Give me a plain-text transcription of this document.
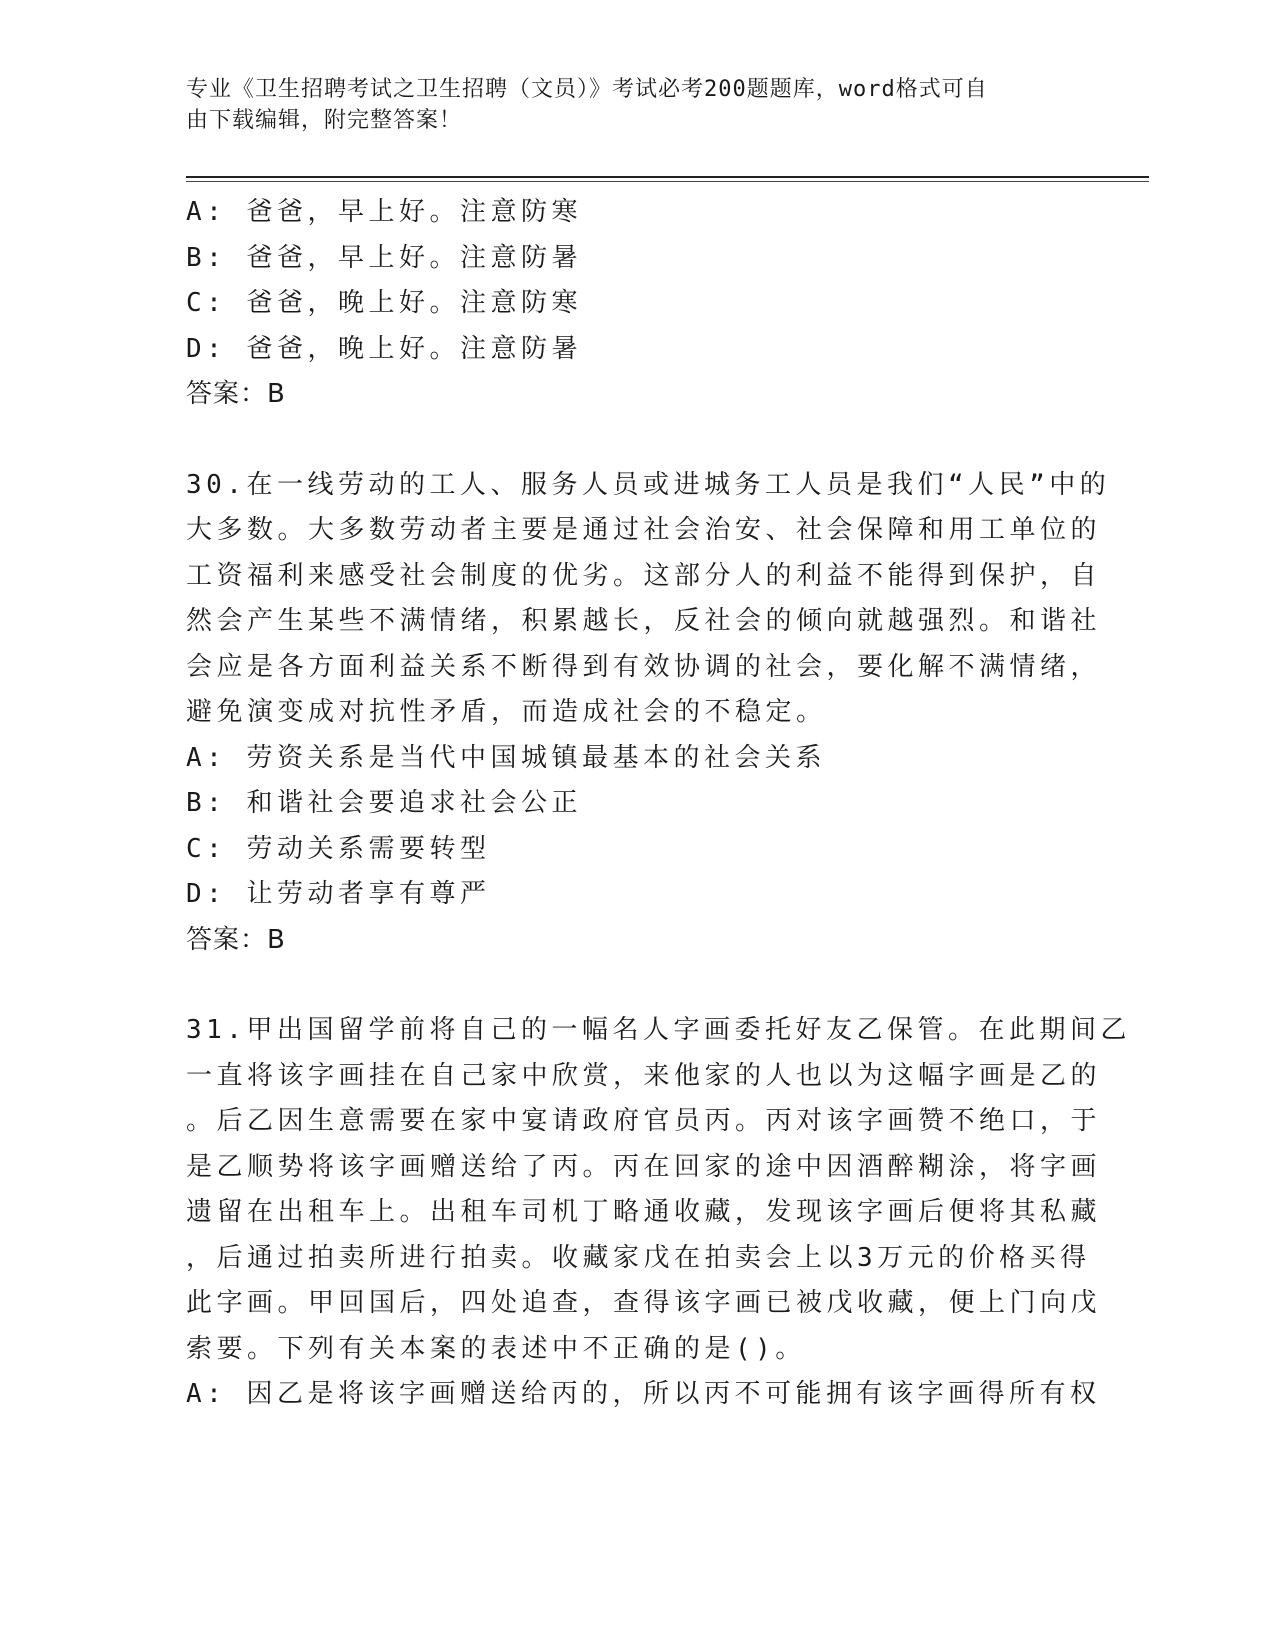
专业《卫生招聘考试之卫生招聘（文员）》考试必考200题题库，word格式可自
由下载编辑，附完整答案！
A: 爸爸，早上好。注意防寒
B: 爸爸，早上好。注意防暑
C: 爸爸，晚上好。注意防寒
D: 爸爸，晚上好。注意防暑
答案：B
30.在一线劳动的工人、服务人员或进城务工人员是我们“人民”中的
大多数。大多数劳动者主要是通过社会治安、社会保障和用工单位的
工资福利来感受社会制度的优劣。这部分人的利益不能得到保护，自
然会产生某些不满情绪，积累越长，反社会的倾向就越强烈。和谐社
会应是各方面利益关系不断得到有效协调的社会，要化解不满情绪，
避免演变成对抗性矛盾，而造成社会的不稳定。
A: 劳资关系是当代中国城镇最基本的社会关系
B: 和谐社会要追求社会公正
C: 劳动关系需要转型
D: 让劳动者享有尊严
答案：B
31.甲出国留学前将自己的一幅名人字画委托好友乙保管。在此期间乙
一直将该字画挂在自己家中欣赏，来他家的人也以为这幅字画是乙的
。后乙因生意需要在家中宴请政府官员丙。丙对该字画赞不绝口，于
是乙顺势将该字画赠送给了丙。丙在回家的途中因酒醉糊涂，将字画
遗留在出租车上。出租车司机丁略通收藏，发现该字画后便将其私藏
，后通过拍卖所进行拍卖。收藏家戊在拍卖会上以3万元的价格买得
此字画。甲回国后，四处追查，查得该字画已被戊收藏，便上门向戊
索要。下列有关本案的表述中不正确的是()。
A: 因乙是将该字画赠送给丙的，所以丙不可能拥有该字画得所有权
